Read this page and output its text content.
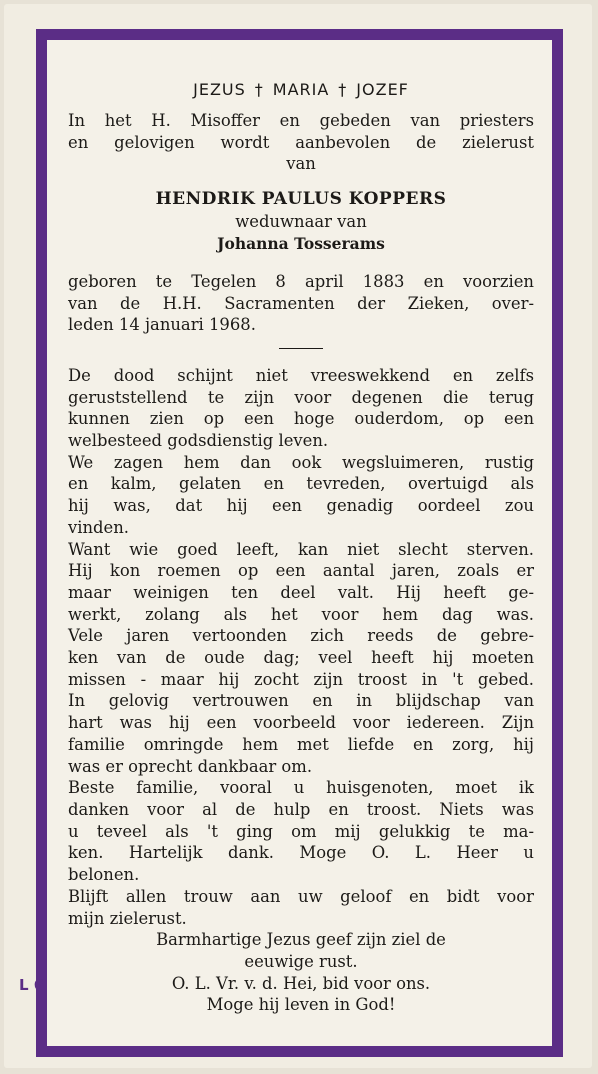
JEZUS † MARIA † JOZEF
In het H. Misoffer en gebeden van priesters
en gelovigen wordt aanbevolen de zielerust
van
HENDRIK PAULUS KOPPERS
weduwnaar van
Johanna Tosserams
geboren te Tegelen 8 april 1883 en voorzien
van de H.H. Sacramenten der Zieken, over-
leden 14 januari 1968.
De dood schijnt niet vreeswekkend en zelfs
geruststellend te zijn voor degenen die terug
kunnen zien op een hoge ouderdom, op een
welbesteed godsdienstig leven.
We zagen hem dan ook wegsluimeren, rustig
en kalm, gelaten en tevreden, overtuigd als
hij was, dat hij een genadig oordeel zou
vinden.
Want wie goed leeft, kan niet slecht sterven.
Hij kon roemen op een aantal jaren, zoals er
maar weinigen ten deel valt. Hij heeft ge-
werkt, zolang als het voor hem dag was.
Vele jaren vertoonden zich reeds de gebre-
ken van de oude dag; veel heeft hij moeten
missen - maar hij zocht zijn troost in 't gebed.
In gelovig vertrouwen en in blijdschap van
hart was hij een voorbeeld voor iedereen. Zijn
familie omringde hem met liefde en zorg, hij
was er oprecht dankbaar om.
Beste familie, vooral u huisgenoten, moet ik
danken voor al de hulp en troost. Niets was
u teveel als 't ging om mij gelukkig te ma-
ken. Hartelijk dank. Moge O. L. Heer u
belonen.
Blijft allen trouw aan uw geloof en bidt voor
mijn zielerust.
Barmhartige Jezus geef zijn ziel de
eeuwige rust.
O. L. Vr. v. d. Hei, bid voor ons.
Moge hij leven in God!
L 6
